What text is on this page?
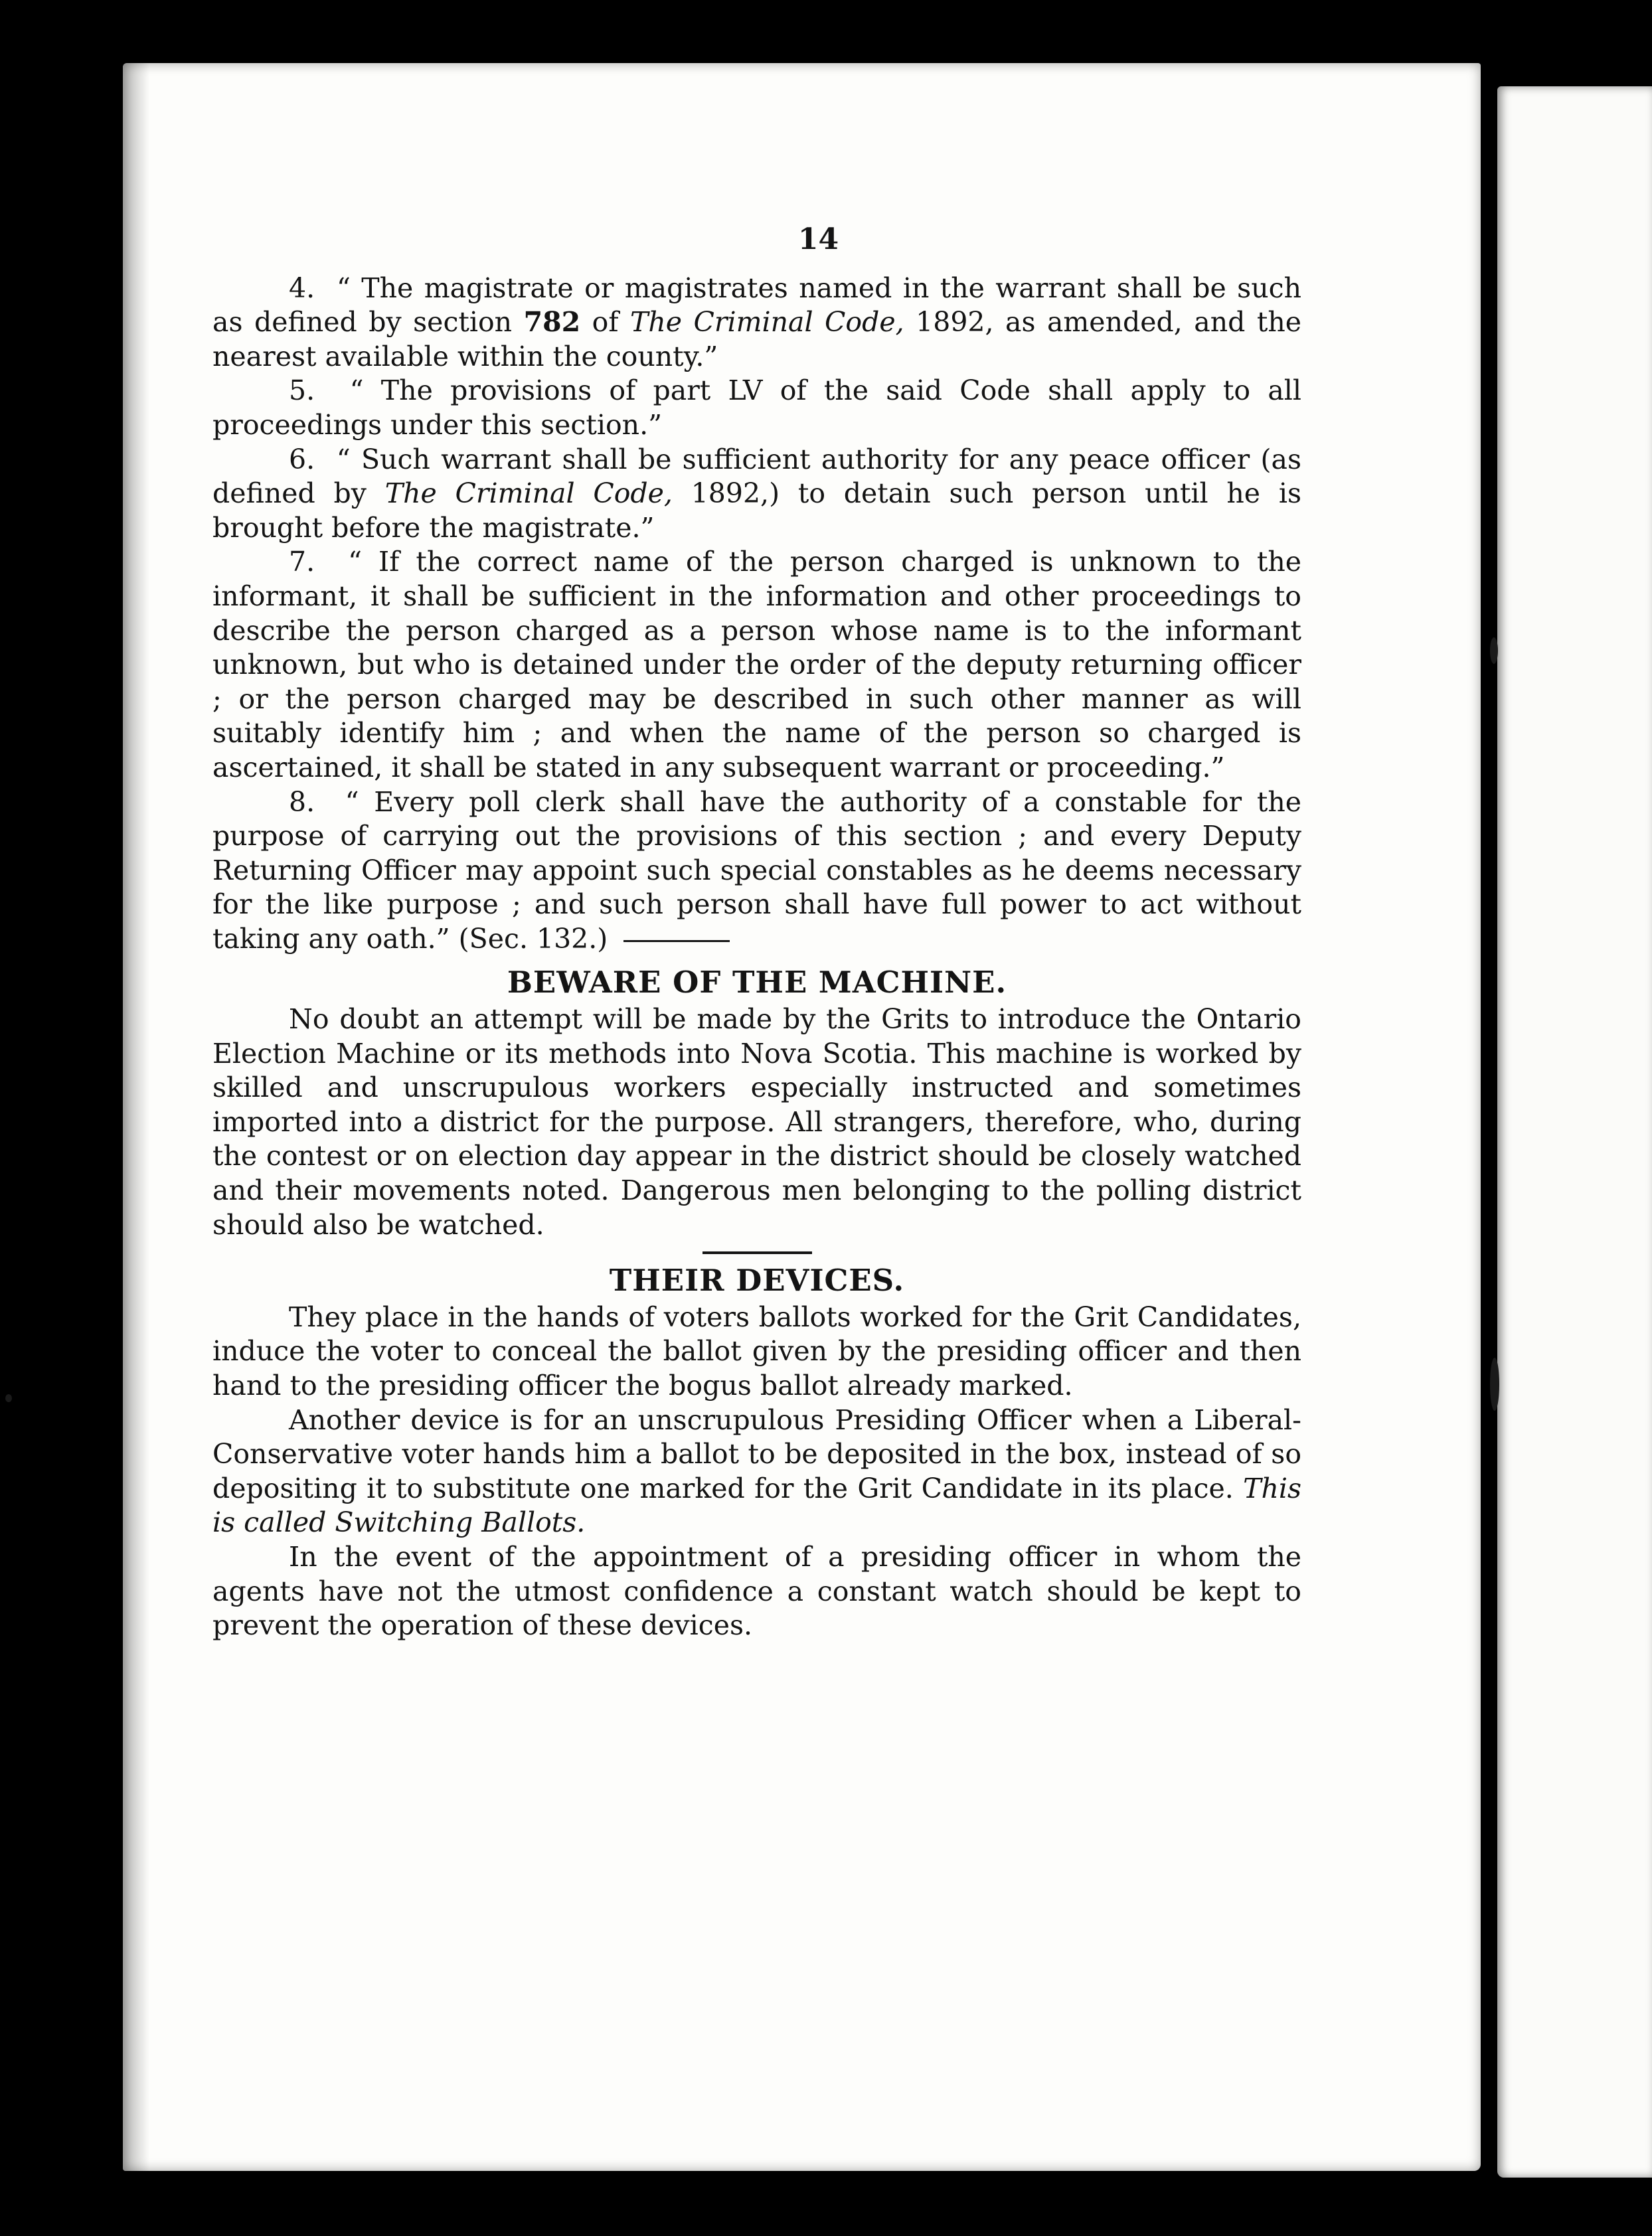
14

4. “ The magistrate or magistrates named in the warrant shall be such as defined by section 782 of The Criminal Code, 1892, as amended, and the nearest available within the county.”

5. “ The provisions of part LV of the said Code shall apply to all proceedings under this section.”

6. “ Such warrant shall be sufficient authority for any peace officer (as defined by The Criminal Code, 1892,) to detain such person until he is brought before the magistrate.”

7. “ If the correct name of the person charged is unknown to the informant, it shall be sufficient in the information and other proceedings to describe the person charged as a person whose name is to the informant unknown, but who is detained under the order of the deputy returning officer ; or the person charged may be described in such other manner as will suitably identify him ; and when the name of the person so charged is ascertained, it shall be stated in any subsequent warrant or proceeding.”

8. “ Every poll clerk shall have the authority of a constable for the purpose of carrying out the provisions of this section ; and every Deputy Returning Officer may appoint such special constables as he deems necessary for the like purpose ; and such person shall have full power to act without taking any oath.” (Sec. 132.)

BEWARE OF THE MACHINE.

No doubt an attempt will be made by the Grits to introduce the Ontario Election Machine or its methods into Nova Scotia. This machine is worked by skilled and unscrupulous workers especially instructed and sometimes imported into a district for the purpose. All strangers, therefore, who, during the contest or on election day appear in the district should be closely watched and their movements noted. Dangerous men belonging to the polling district should also be watched.

THEIR DEVICES.

They place in the hands of voters ballots worked for the Grit Candidates, induce the voter to conceal the ballot given by the presiding officer and then hand to the presiding officer the bogus ballot already marked.

Another device is for an unscrupulous Presiding Officer when a Liberal-Conservative voter hands him a ballot to be deposited in the box, instead of so depositing it to substitute one marked for the Grit Candidate in its place. This is called Switching Ballots.

In the event of the appointment of a presiding officer in whom the agents have not the utmost confidence a constant watch should be kept to prevent the operation of these devices.
